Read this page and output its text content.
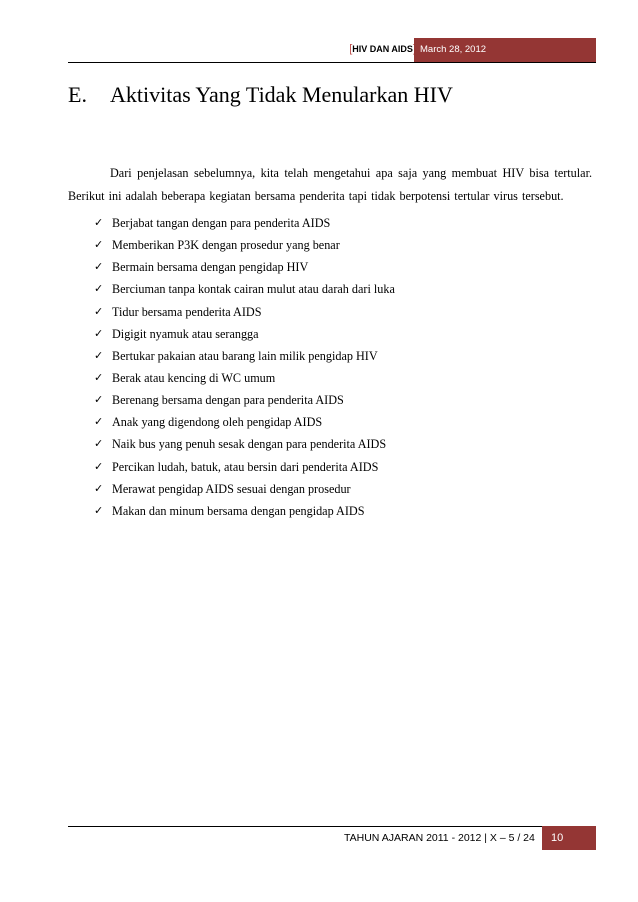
[HIV DAN AIDS March 28, 2012
E.	Aktivitas Yang Tidak Menularkan HIV

Dari penjelasan sebelumnya, kita telah mengetahui apa saja yang membuat HIV bisa tertular. Berikut ini adalah beberapa kegiatan bersama penderita tapi tidak berpotensi tertular virus tersebut.

✓ Berjabat tangan dengan para penderita AIDS
✓ Memberikan P3K dengan prosedur yang benar
✓ Bermain bersama dengan pengidap HIV
✓ Berciuman tanpa kontak cairan mulut atau darah dari luka
✓ Tidur bersama penderita AIDS
✓ Digigit nyamuk atau serangga
✓ Bertukar pakaian atau barang lain milik pengidap HIV
✓ Berak atau kencing di WC umum
✓ Berenang bersama dengan para penderita AIDS
✓ Anak yang digendong oleh pengidap AIDS
✓ Naik bus yang penuh sesak dengan para penderita AIDS
✓ Percikan ludah, batuk, atau bersin dari penderita AIDS
✓ Merawat pengidap AIDS sesuai dengan prosedur
✓ Makan dan minum bersama dengan pengidap AIDS
TAHUN AJARAN 2011 - 2012 | X – 5 / 24	10
